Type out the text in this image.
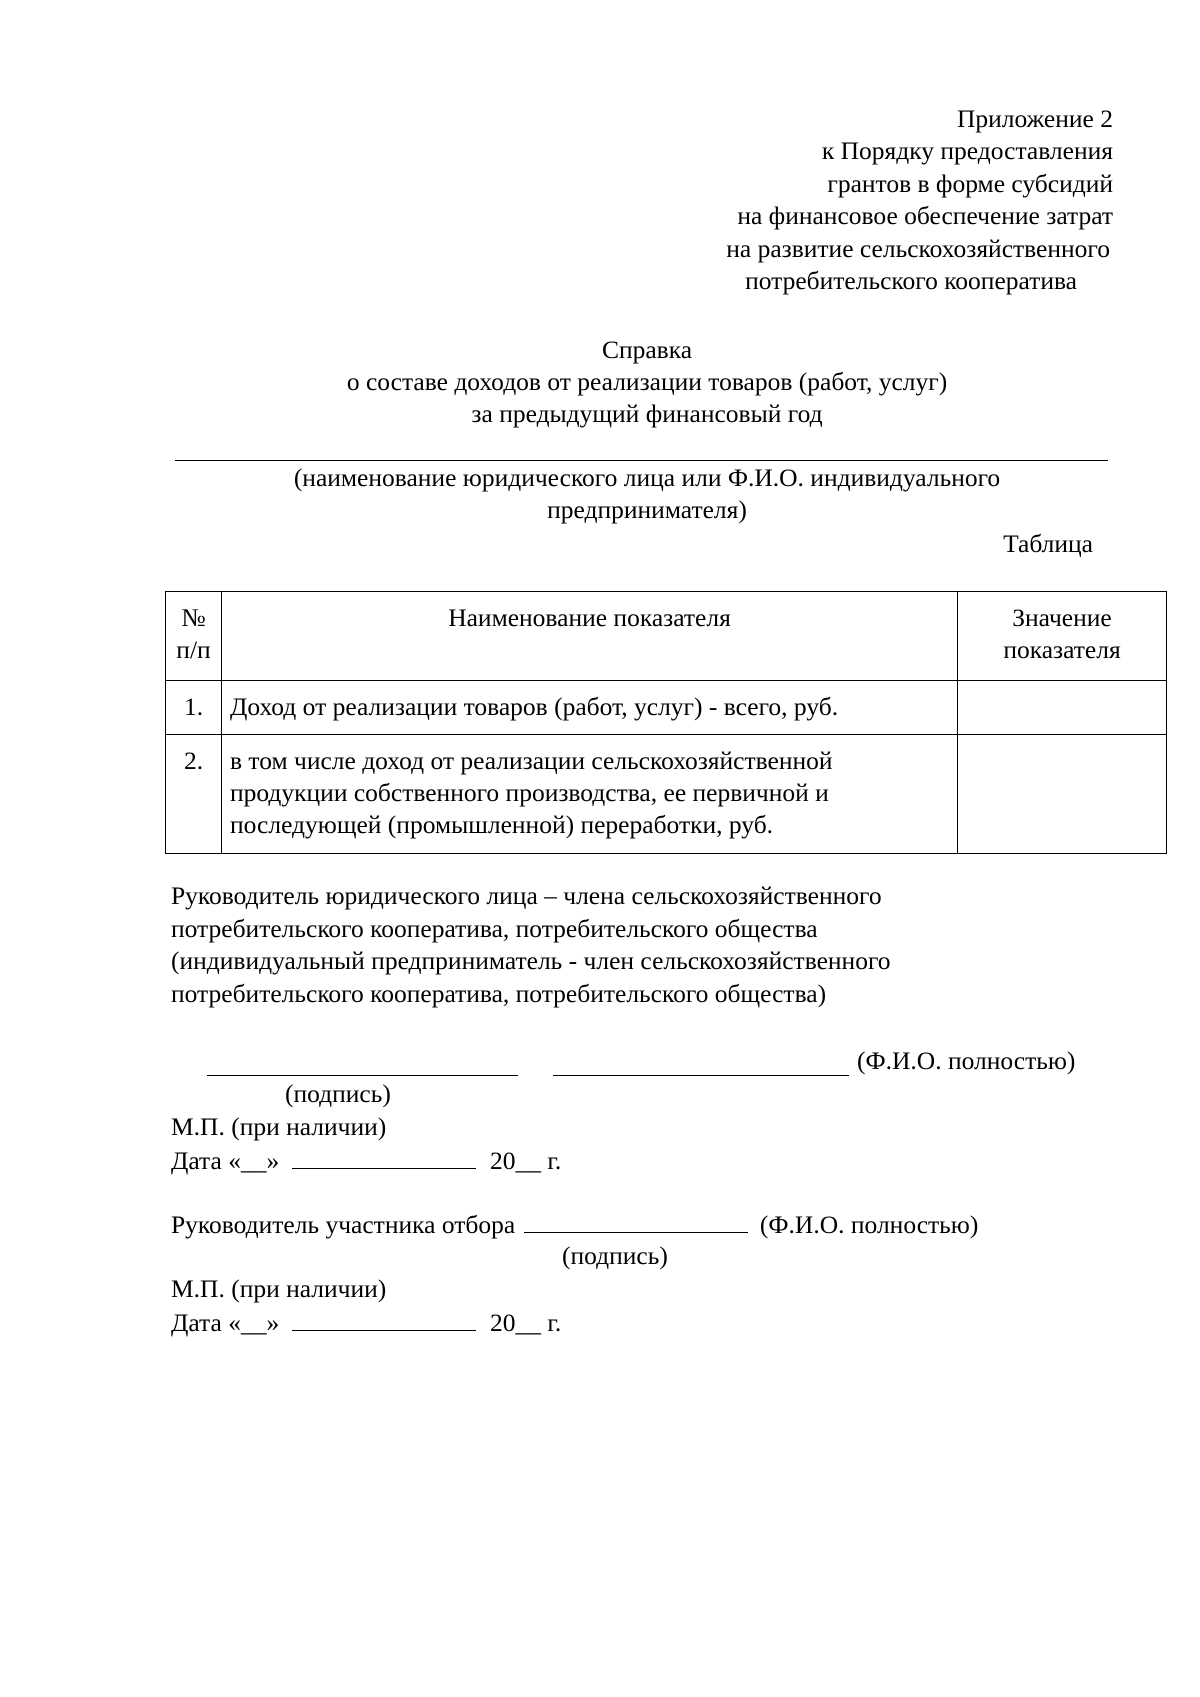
Приложение 2
к Порядку предоставления
грантов в форме субсидий
на финансовое обеспечение затрат
на развитие сельскохозяйственного
потребительского кооператива
Справка
о составе доходов от реализации товаров (работ, услуг)
за предыдущий финансовый год
(наименование юридического лица или Ф.И.О. индивидуального
предпринимателя)
Таблица
№
п/п	Наименование показателя	Значение
показателя

1.	Доход от реализации товаров (работ, услуг) - всего, руб.	
2.	в том числе доход от реализации сельскохозяйственной
продукции собственного производства, ее первичной и
последующей (промышленной) переработки, руб.	

Руководитель юридического лица – члена сельскохозяйственного
потребительского кооператива, потребительского общества
(индивидуальный предприниматель - член сельскохозяйственного
потребительского кооператива, потребительского общества)
(Ф.И.О. полностью)
(подпись)
М.П. (при наличии)
Дата «__»	20__ г.
Руководитель участника отбора	(Ф.И.О. полностью)
(подпись)
М.П. (при наличии)
Дата «__»	20__ г.
